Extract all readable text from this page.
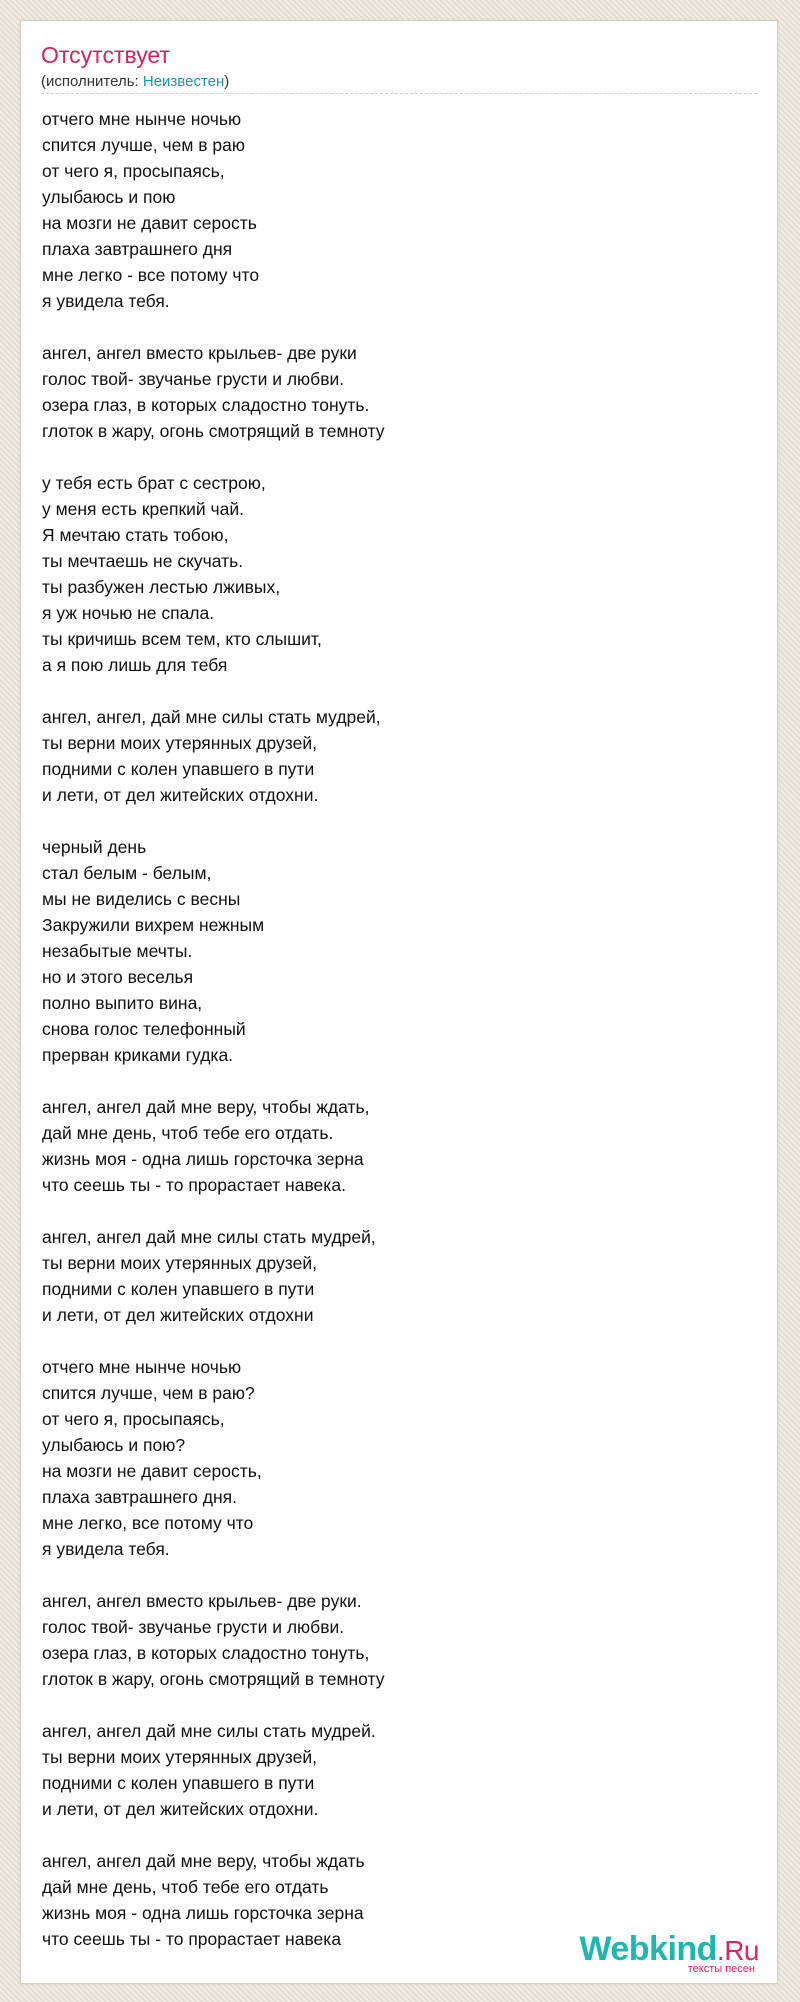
Отсутствует
(исполнитель: Неизвестен)
отчего мне нынче ночью
спится лучше, чем в раю
от чего я, просыпаясь,
улыбаюсь и пою
на мозги не давит серость
плаха завтрашнего дня
мне легко - все потому что
я увидела тебя.
ангел, ангел вместо крыльев- две руки
голос твой- звучанье грусти и любви.
озера глаз, в которых сладостно тонуть.
глоток в жару, огонь смотрящий в темноту
у тебя есть брат с сестрою,
у меня есть крепкий чай.
Я мечтаю стать тобою,
ты мечтаешь не скучать.
ты разбужен лестью лживых,
я уж ночью не спала.
ты кричишь всем тем, кто слышит,
а я пою лишь для тебя
ангел, ангел, дай мне силы стать мудрей,
ты верни моих утерянных друзей,
подними с колен упавшего в пути
и лети, от дел житейских отдохни.
черный день
стал белым - белым,
мы не виделись с весны
Закружили вихрем нежным
незабытые мечты.
но и этого веселья
полно выпито вина,
снова голос телефонный
прерван криками гудка.
ангел, ангел дай мне веру, чтобы ждать,
дай мне день, чтоб тебе его отдать.
жизнь моя - одна лишь горсточка зерна
что сеешь ты - то прорастает навека.
ангел, ангел дай мне силы стать мудрей,
ты верни моих утерянных друзей,
подними с колен упавшего в пути
и лети, от дел житейских отдохни
отчего мне нынче ночью
спится лучше, чем в раю?
от чего я, просыпаясь,
улыбаюсь и пою?
на мозги не давит серость,
плаха завтрашнего дня.
мне легко, все потому что
я увидела тебя.
ангел, ангел вместо крыльев- две руки.
голос твой- звучанье грусти и любви.
озера глаз, в которых сладостно тонуть,
глоток в жару, огонь смотрящий в темноту
ангел, ангел дай мне силы стать мудрей.
ты верни моих утерянных друзей,
подними с колен упавшего в пути
и лети, от дел житейских отдохни.
ангел, ангел дай мне веру, чтобы ждать
дай мне день, чтоб тебе его отдать
жизнь моя - одна лишь горсточка зерна
что сеешь ты - то прорастает навека	Webkind.Ru
тексты песен
